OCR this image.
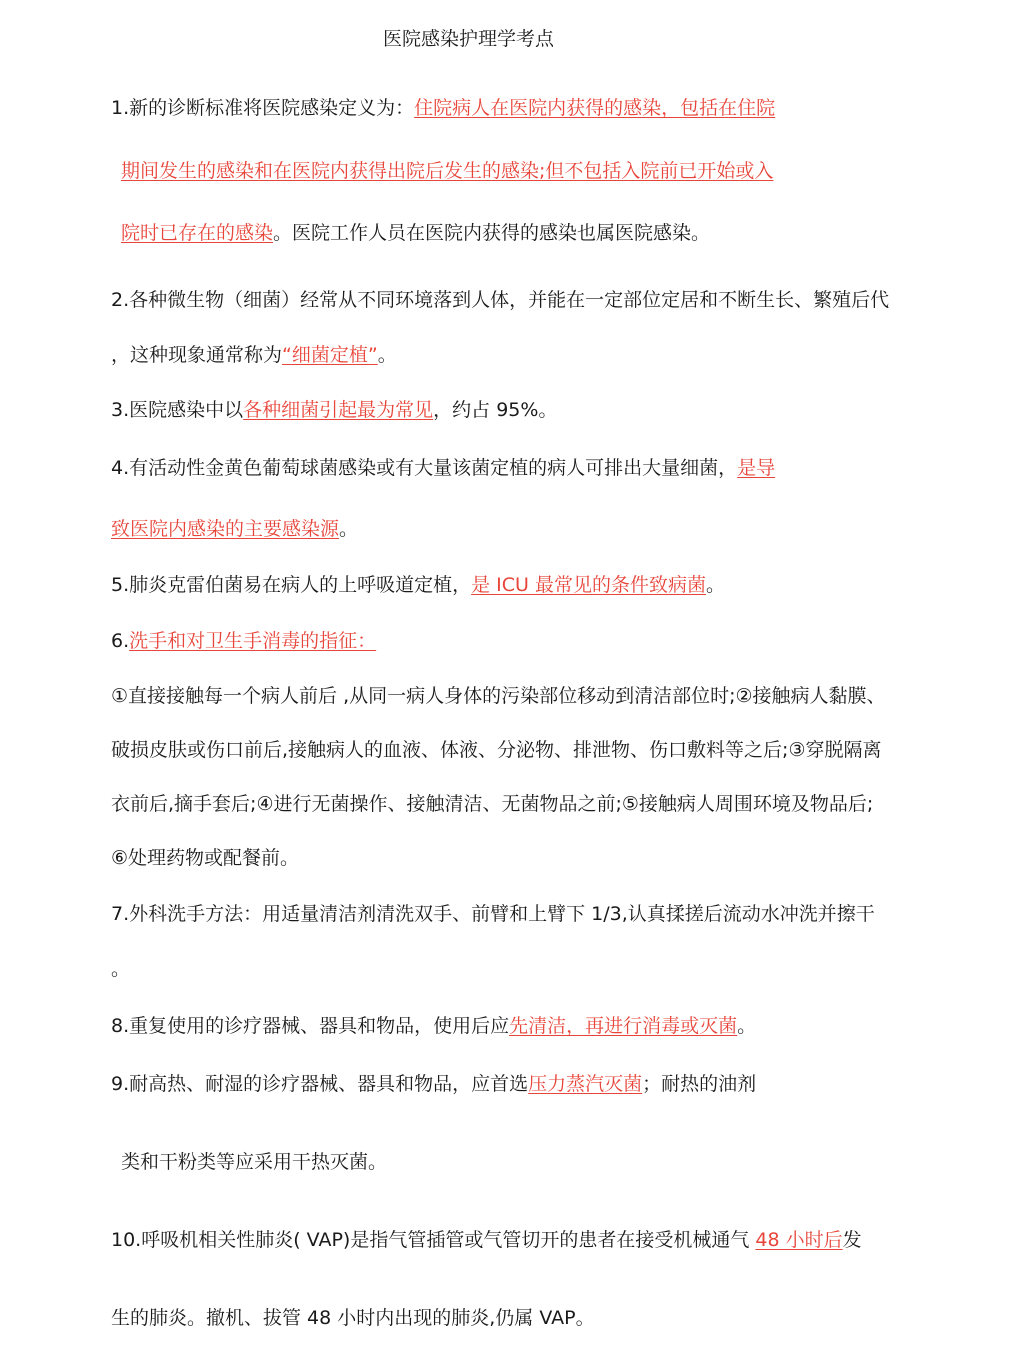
医院感染护理学考点
1.新的诊断标准将医院感染定义为：住院病人在医院内获得的感染，包括在住院
期间发生的感染和在医院内获得出院后发生的感染;但不包括入院前已开始或入
院时已存在的感染。医院工作人员在医院内获得的感染也属医院感染。
2.各种微生物（细菌）经常从不同环境落到人体，并能在一定部位定居和不断生长、繁殖后代
，这种现象通常称为“细菌定植”。
3.医院感染中以各种细菌引起最为常见，约占 95%。
4.有活动性金黄色葡萄球菌感染或有大量该菌定植的病人可排出大量细菌，是导
致医院内感染的主要感染源。
5.肺炎克雷伯菌易在病人的上呼吸道定植，是 ICU 最常见的条件致病菌。
6.洗手和对卫生手消毒的指征：
①直接接触每一个病人前后 ,从同一病人身体的污染部位移动到清洁部位时;②接触病人黏膜、
破损皮肤或伤口前后,接触病人的血液、体液、分泌物、排泄物、伤口敷料等之后;③穿脱隔离
衣前后,摘手套后;④进行无菌操作、接触清洁、无菌物品之前;⑤接触病人周围环境及物品后;
⑥处理药物或配餐前。
7.外科洗手方法：用适量清洁剂清洗双手、前臂和上臂下 1/3,认真揉搓后流动水冲洗并擦干
。
8.重复使用的诊疗器械、器具和物品，使用后应先清洁，再进行消毒或灭菌。
9.耐高热、耐湿的诊疗器械、器具和物品，应首选压力蒸汽灭菌；耐热的油剂
类和干粉类等应采用干热灭菌。
10.呼吸机相关性肺炎( VAP)是指气管插管或气管切开的患者在接受机械通气 48 小时后发
生的肺炎。撤机、拔管 48 小时内出现的肺炎,仍属 VAP。
